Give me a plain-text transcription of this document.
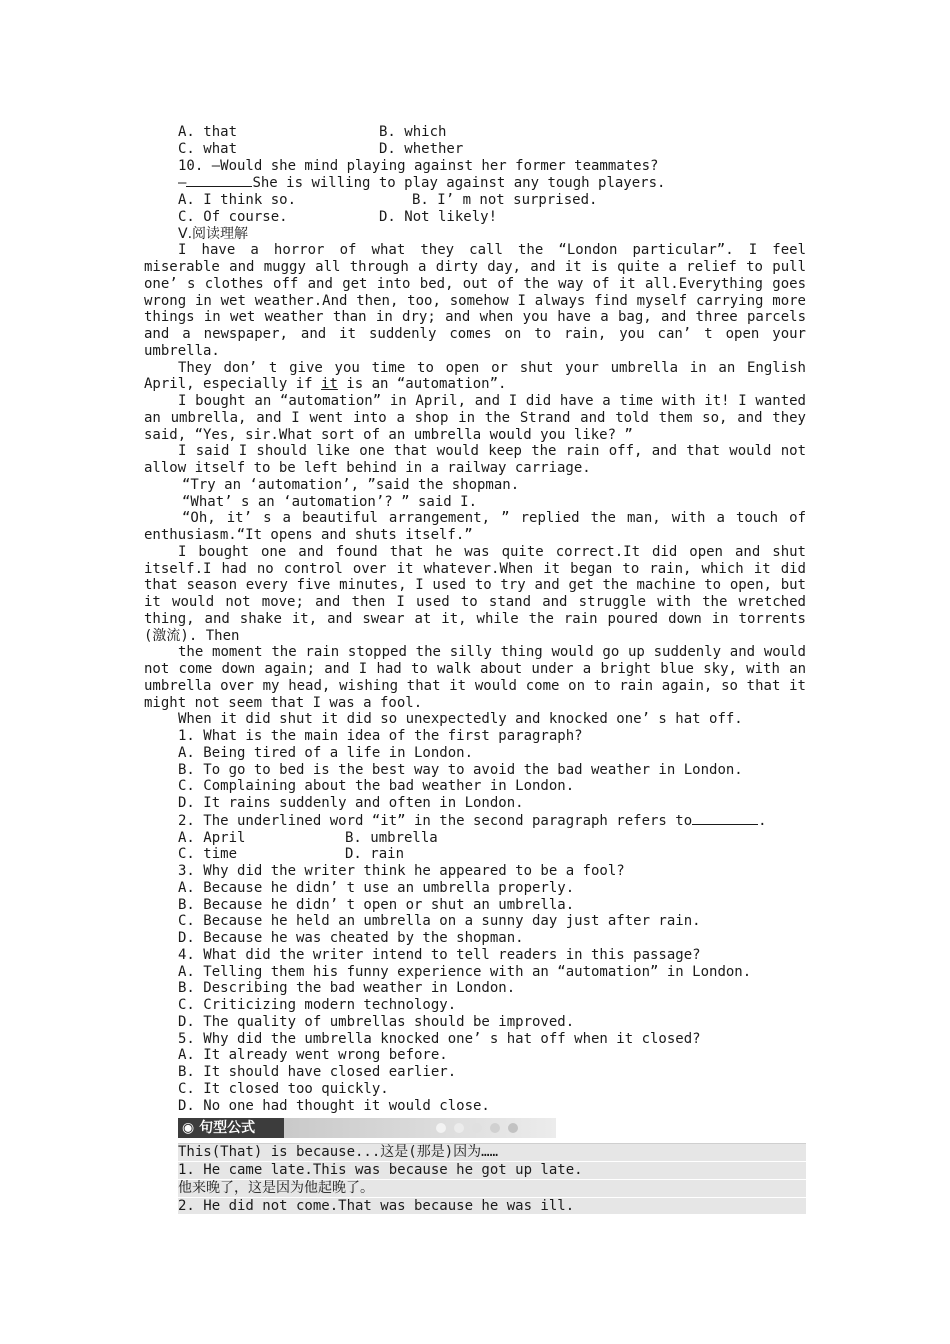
A. that	B. which
C. what	D. whether
10. —Would she mind playing against her former teammates?
—	She is willing to play against any tough players.
A. I think so.	B. I’ m not surprised.
C. Of course.	D. Not likely!
Ⅴ.阅读理解
I have a horror of what they call the “London particular”. I feel miserable and muggy all through a dirty day, and it is quite a relief to pull one’ s clothes off and get into bed, out of the way of it all.Everything goes wrong in wet weather.And then, too, somehow I always find myself carrying more things in wet weather than in dry; and when you have a bag, and three parcels and a newspaper, and it suddenly comes on to rain, you can’ t open your umbrella.
They don’ t give you time to open or shut your umbrella in an English April, especially if it is an “automation”.
I bought an “automation” in April, and I did have a time with it! I wanted an umbrella, and I went into a shop in the Strand and told them so, and they said, “Yes, sir.What sort of an umbrella would you like? ”
I said I should like one that would keep the rain off, and that would not allow itself to be left behind in a railway carriage.
“Try an ‘automation’, ”said the shopman.
“What’ s an ‘automation’? ” said I.
“Oh, it’ s a beautiful arrangement, ” replied the man, with a touch of enthusiasm.“It opens and shuts itself.”
I bought one and found that he was quite correct.It did open and shut itself.I had no control over it whatever.When it began to rain, which it did that season every five minutes, I used to try and get the machine to open, but it would not move; and then I used to stand and struggle with the wretched thing, and shake it, and swear at it, while the rain poured down in torrents (激流). Then
the moment the rain stopped the silly thing would go up suddenly and would not come down again; and I had to walk about under a bright blue sky, with an umbrella over my head, wishing that it would come on to rain again, so that it might not seem that I was a fool.
When it did shut it did so unexpectedly and knocked one’ s hat off.
1. What is the main idea of the first paragraph?
A. Being tired of a life in London.
B. To go to bed is the best way to avoid the bad weather in London.
C. Complaining about the bad weather in London.
D. It rains suddenly and often in London.
2. The underlined word “it” in the second paragraph refers to	.
A. April	B. umbrella
C. time	D. rain
3. Why did the writer think he appeared to be a fool?
A. Because he didn’ t use an umbrella properly.
B. Because he didn’ t open or shut an umbrella.
C. Because he held an umbrella on a sunny day just after rain.
D. Because he was cheated by the shopman.
4. What did the writer intend to tell readers in this passage?
A. Telling them his funny experience with an “automation” in London.
B. Describing the bad weather in London.
C. Criticizing modern technology.
D. The quality of umbrellas should be improved.
5. Why did the umbrella knocked one’ s hat off when it closed?
A. It already went wrong before.
B. It should have closed earlier.
C. It closed too quickly.
D. No one had thought it would close.
◉ 句型公式
This(That) is because...这是(那是)因为……
1. He came late.This was because he got up late.
他来晚了，这是因为他起晚了。
2. He did not come.That was because he was ill.
